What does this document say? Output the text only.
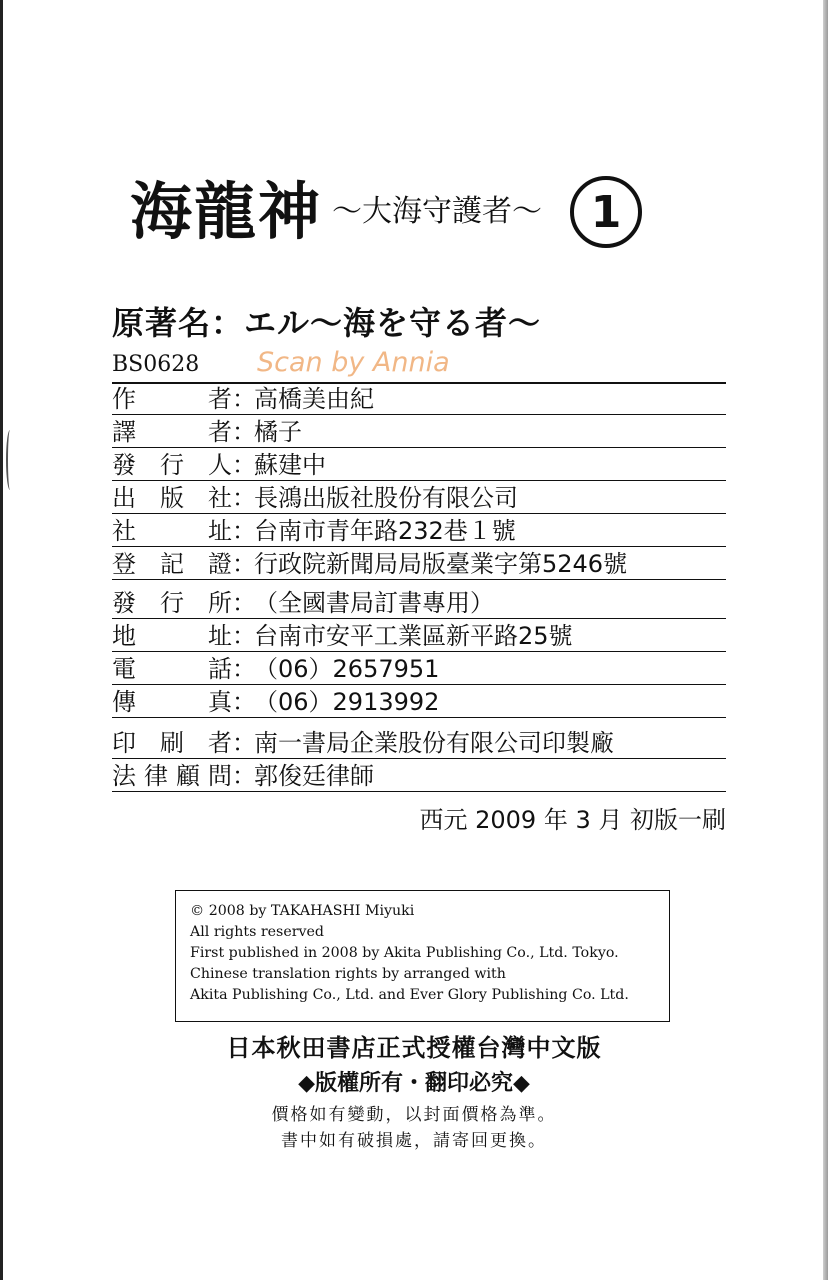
海龍神 ～大海守護者～	1
原著名：エル～海を守る者～
BS0628 Scan by Annia
作	者 ：
高橋美由紀
譯	者 ：
橘子
發 行 人 ：
蘇建中
出 版 社 ：
長鴻出版社股份有限公司
社	址 ：
台南市青年路232巷１號
登 記 證 ：
行政院新聞局局版臺業字第5246號
發 行 所 ：
（全國書局訂書專用）
地	址 ：
台南市安平工業區新平路25號
電	話 ：
（06）2657951
傳	真 ：
（06）2913992
印 刷 者 ：
南一書局企業股份有限公司印製廠
法 律 顧 問 ：
郭俊廷律師
西元 2009 年 3 月 初版一刷
© 2008 by TAKAHASHI Miyuki
All rights reserved
First published in 2008 by Akita Publishing Co., Ltd. Tokyo.
Chinese translation rights by arranged with
Akita Publishing Co., Ltd. and Ever Glory Publishing Co. Ltd.
日本秋田書店正式授權台灣中文版
◆版權所有・翻印必究◆
價格如有變動，以封面價格為準。
書中如有破損處，請寄回更換。
